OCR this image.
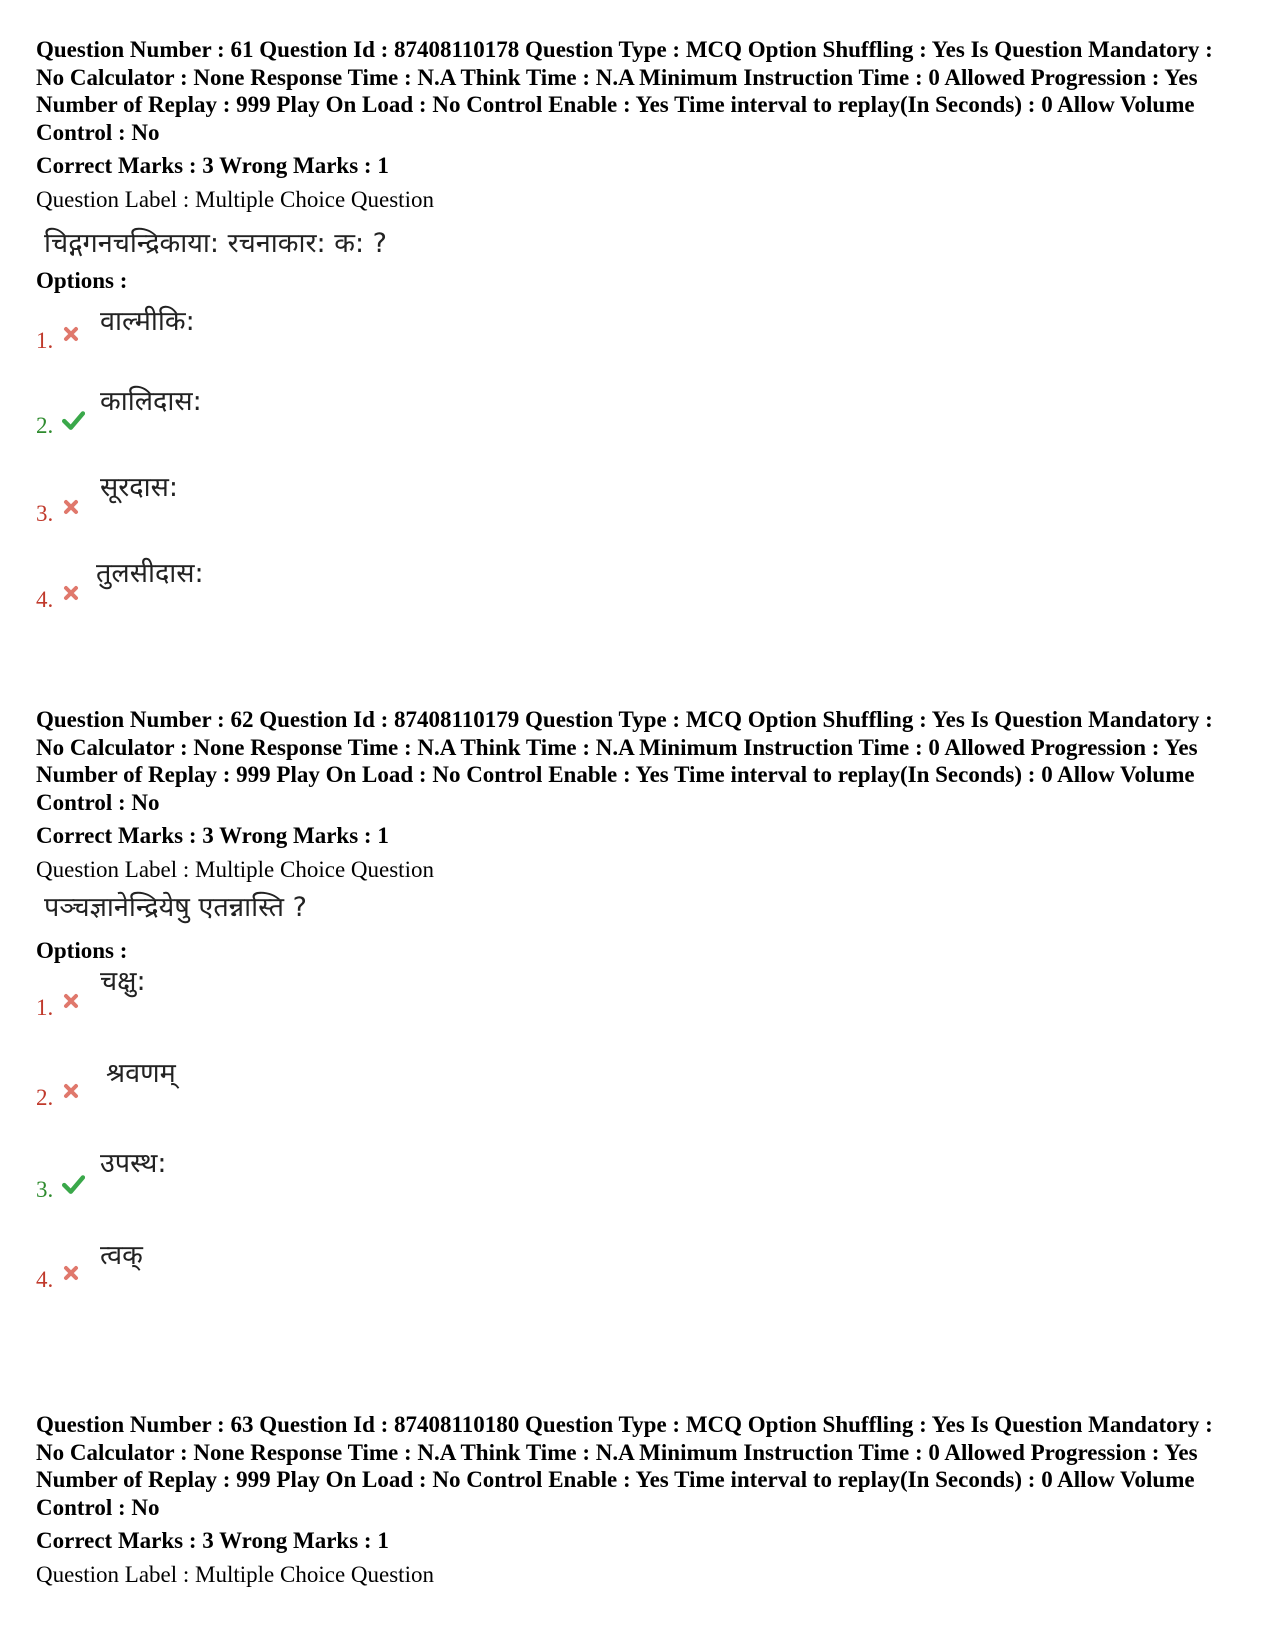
Question Number : 61 Question Id : 87408110178 Question Type : MCQ Option Shuffling : Yes Is Question Mandatory : No Calculator : None Response Time : N.A Think Time : N.A Minimum Instruction Time : 0 Allowed Progression : Yes Number of Replay : 999 Play On Load : No Control Enable : Yes Time interval to replay(In Seconds) : 0 Allow Volume Control : No

Correct Marks : 3 Wrong Marks : 1
Question Label : Multiple Choice Question
चिद्गगनचन्द्रिकाया: रचनाकार: क: ?
Options :
1.
वाल्मीकि:
2.
कालिदास:
3.
सूरदास:
4.
तुलसीदास:

Question Number : 62 Question Id : 87408110179 Question Type : MCQ Option Shuffling : Yes Is Question Mandatory : No Calculator : None Response Time : N.A Think Time : N.A Minimum Instruction Time : 0 Allowed Progression : Yes Number of Replay : 999 Play On Load : No Control Enable : Yes Time interval to replay(In Seconds) : 0 Allow Volume Control : No

Correct Marks : 3 Wrong Marks : 1
Question Label : Multiple Choice Question
पञ्चज्ञानेन्द्रियेषु एतन्नास्ति ?
Options :
1.
चक्षु:
2.
श्रवणम्
3.
उपस्थ:
4.
त्वक्

Question Number : 63 Question Id : 87408110180 Question Type : MCQ Option Shuffling : Yes Is Question Mandatory : No Calculator : None Response Time : N.A Think Time : N.A Minimum Instruction Time : 0 Allowed Progression : Yes Number of Replay : 999 Play On Load : No Control Enable : Yes Time interval to replay(In Seconds) : 0 Allow Volume Control : No

Correct Marks : 3 Wrong Marks : 1
Question Label : Multiple Choice Question
